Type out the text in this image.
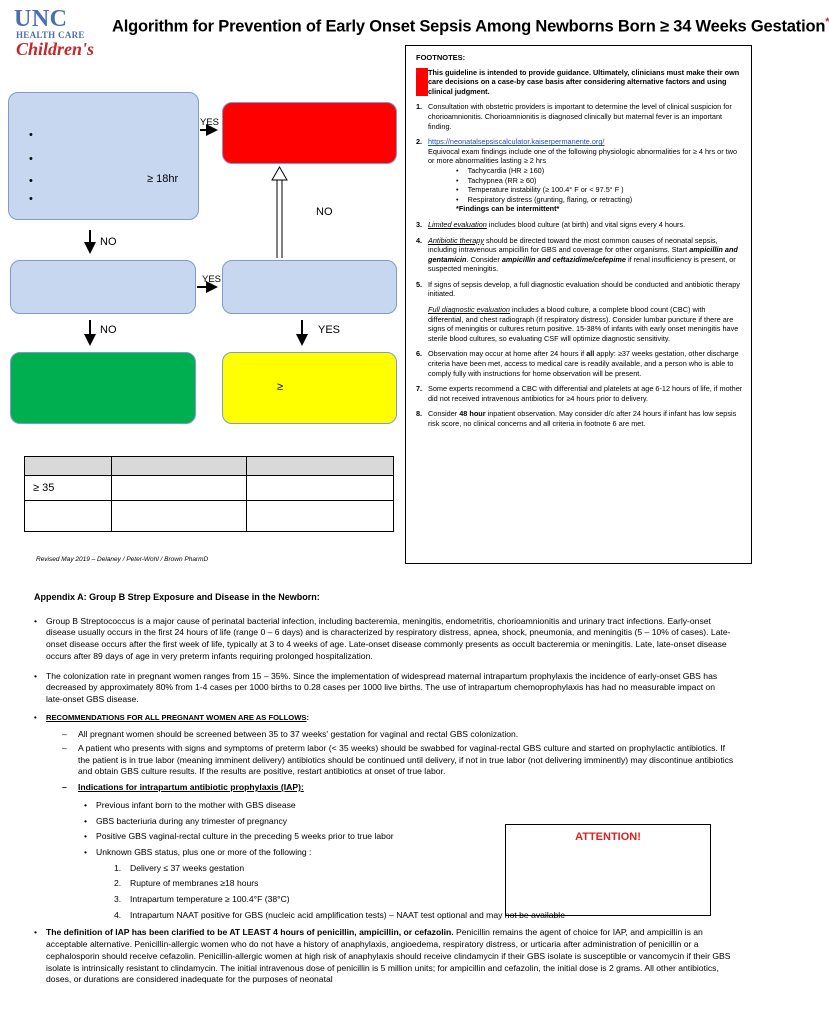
UNC
HEALTH CARE
Children's
Algorithm for Prevention of Early Onset Sepsis Among Newborns Born ≥ 34 Weeks Gestation*
•
•
•
•
≥ 18hr
YES
NO
NO
YES
NO	YES
≥

≥ 35		

Revised May 2019 – Delaney / Peter-Wohl / Brown PharmD
FOOTNOTES:
*	This guideline is intended to provide guidance. Ultimately, clinicians must make their own care decisions on a case-by case basis after considering alternative factors and using clinical judgment.
1. Consultation with obstetric providers is important to determine the level of clinical suspicion for chorioamnionitis. Chorioamnionitis is diagnosed clinically but maternal fever is an important finding.
2. https://neonatalsepsiscalculator.kaiserpermanente.org/
Equivocal exam findings include one of the following physiologic abnormalities for ≥ 4 hrs or two or more abnormalities lasting ≥ 2 hrs
• Tachycardia (HR ≥ 160)
• Tachypnea (RR ≥ 60)
• Temperature instability (≥ 100.4° F or < 97.5° F )
• Respiratory distress (grunting, flaring, or retracting)
*Findings can be intermittent*
3. Limited evaluation includes blood culture (at birth) and vital signs every 4 hours.
4. Antibiotic therapy should be directed toward the most common causes of neonatal sepsis, including intravenous ampicillin for GBS and coverage for other organisms. Start ampicillin and gentamicin. Consider ampicillin and ceftazidime/cefepime if renal insufficiency is present, or suspected meningitis.
5. If signs of sepsis develop, a full diagnostic evaluation should be conducted and antibiotic therapy initiated.
Full diagnostic evaluation includes a blood culture, a complete blood count (CBC) with differential, and chest radiograph (if respiratory distress). Consider lumbar puncture if there are signs of meningitis or cultures return positive. 15-38% of infants with early onset meningitis have sterile blood cultures, so evaluating CSF will optimize diagnostic sensitivity.
6. Observation may occur at home after 24 hours if all apply: ≥37 weeks gestation, other discharge criteria have been met, access to medical care is readily available, and a person who is able to comply fully with instructions for home observation will be present.
7. Some experts recommend a CBC with differential and platelets at age 6-12 hours of life, if mother did not received intravenous antibiotics for ≥4 hours prior to delivery.
8. Consider 48 hour inpatient observation. May consider d/c after 24 hours if infant has low sepsis risk score, no clinical concerns and all criteria in footnote 6 are met.
Appendix A: Group B Strep Exposure and Disease in the Newborn:
• Group B Streptococcus is a major cause of perinatal bacterial infection, including bacteremia, meningitis, endometritis, chorioamnionitis and urinary tract infections. Early-onset disease usually occurs in the first 24 hours of life (range 0 – 6 days) and is characterized by respiratory distress, apnea, shock, pneumonia, and meningitis (5 – 10% of cases). Late-onset disease occurs after the first week of life, typically at 3 to 4 weeks of age. Late-onset disease commonly presents as occult bacteremia or meningitis. Late, late-onset disease occurs after 89 days of age in very preterm infants requiring prolonged hospitalization.
• The colonization rate in pregnant women ranges from 15 – 35%. Since the implementation of widespread maternal intrapartum prophylaxis the incidence of early-onset GBS has decreased by approximately 80% from 1-4 cases per 1000 births to 0.28 cases per 1000 live births. The use of intrapartum chemoprophylaxis has had no measurable impact on late-onset GBS disease.
• RECOMMENDATIONS FOR ALL PREGNANT WOMEN ARE AS FOLLOWS:
– All pregnant women should be screened between 35 to 37 weeks' gestation for vaginal and rectal GBS colonization.
– A patient who presents with signs and symptoms of preterm labor (< 35 weeks) should be swabbed for vaginal-rectal GBS culture and started on prophylactic antibiotics. If the patient is in true labor (meaning imminent delivery) antibiotics should be continued until delivery, if not in true labor (not delivering imminently) may discontinue antibiotics and obtain GBS culture results. If the results are positive, restart antibiotics at onset of true labor.
– Indications for intrapartum antibiotic prophylaxis (IAP):
• Previous infant born to the mother with GBS disease
• GBS bacteriuria during any trimester of pregnancy
• Positive GBS vaginal-rectal culture in the preceding 5 weeks prior to true labor
• Unknown GBS status, plus one or more of the following :
1. Delivery ≤ 37 weeks gestation
2. Rupture of membranes ≥18 hours
3. Intrapartum temperature ≥ 100.4°F (38°C)
4. Intrapartum NAAT positive for GBS (nucleic acid amplification tests) – NAAT test optional and may not be available
• The definition of IAP has been clarified to be AT LEAST 4 hours of penicillin, ampicillin, or cefazolin. Penicillin remains the agent of choice for IAP, and ampicillin is an acceptable alternative. Penicillin-allergic women who do not have a history of anaphylaxis, angioedema, respiratory distress, or urticaria after administration of penicillin or a cephalosporin should receive cefazolin. Penicillin-allergic women at high risk of anaphylaxis should receive clindamycin if their GBS isolate is susceptible or vancomycin if their GBS isolate is intrinsically resistant to clindamycin. The initial intravenous dose of penicillin is 5 million units; for ampicillin and cefazolin, the initial dose is 2 grams. All other antibiotics, doses, or durations are considered inadequate for the purposes of neonatal
ATTENTION!
